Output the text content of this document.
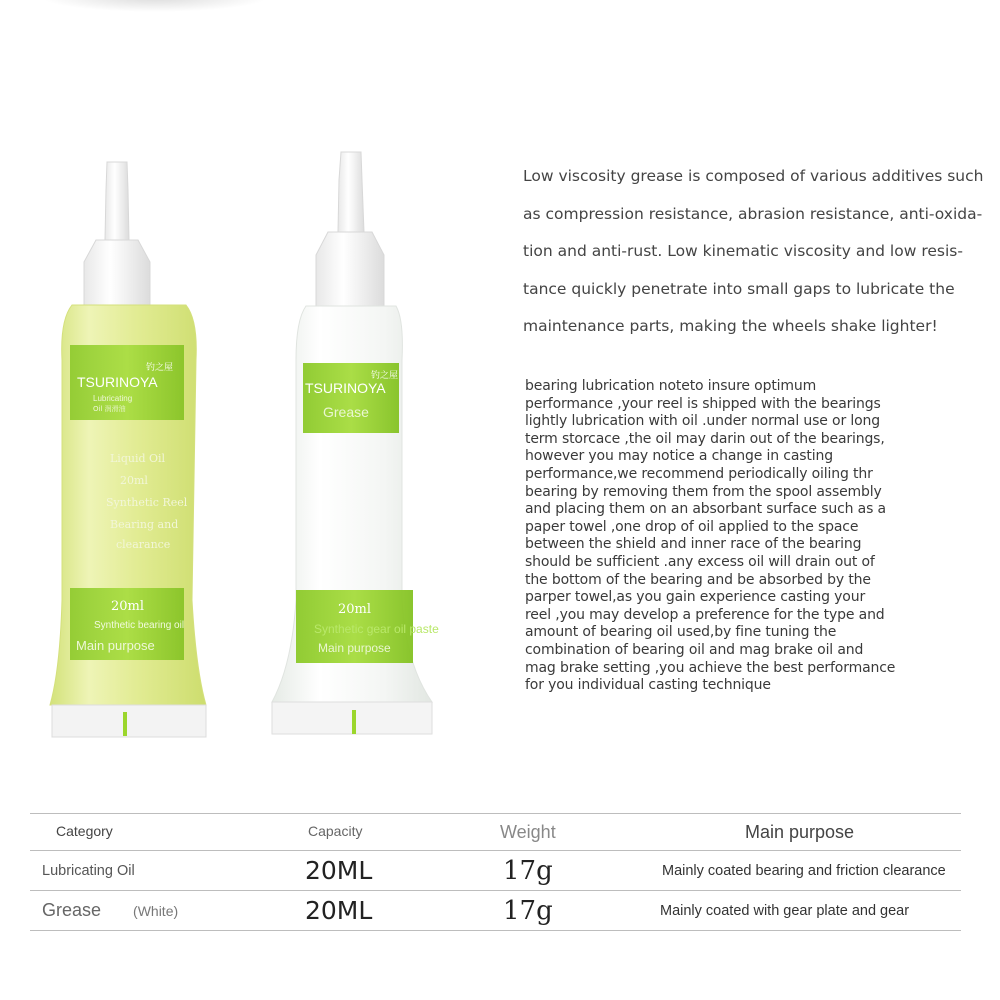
TSURINOYA
钓之屋
Lubricating
Oil 润滑油
Liquid Oil
20ml
Synthetic Reel
Bearing and
clearance
20ml
Synthetic bearing oil
Main purpose
TSURINOYA
钓之屋
Grease
20ml
Synthetic gear oil paste
Main purpose

Low viscosity grease is composed of various additives such

as compression resistance, abrasion resistance, anti-oxida-

tion and anti-rust. Low kinematic viscosity and low resis-

tance quickly penetrate into small gaps to lubricate the

maintenance parts, making the wheels shake lighter!

bearing lubrication noteto insure optimum

performance ,your reel is shipped with the bearings

lightly lubrication with oil .under normal use or long

term storcace ,the oil may darin out of the bearings,

however you may notice a change in casting

performance,we recommend periodically oiling thr

bearing by removing them from the spool assembly

and placing them on an absorbant surface such as a

paper towel ,one drop of oil applied to the space

between the shield and inner race of the bearing

should be sufficient .any excess oil will drain out of

the bottom of the bearing and be absorbed by the

parper towel,as you gain experience casting your

reel ,you may develop a preference for the type and

amount of bearing oil used,by fine tuning the

combination of bearing oil and mag brake oil and

mag brake setting ,you achieve the best performance

for you individual casting technique

Category	Capacity	Weight	Main purpose
Lubricating Oil	20ML	17g	Mainly coated bearing and friction clearance
Grease (White)	20ML	17g	Mainly coated with gear plate and gear
